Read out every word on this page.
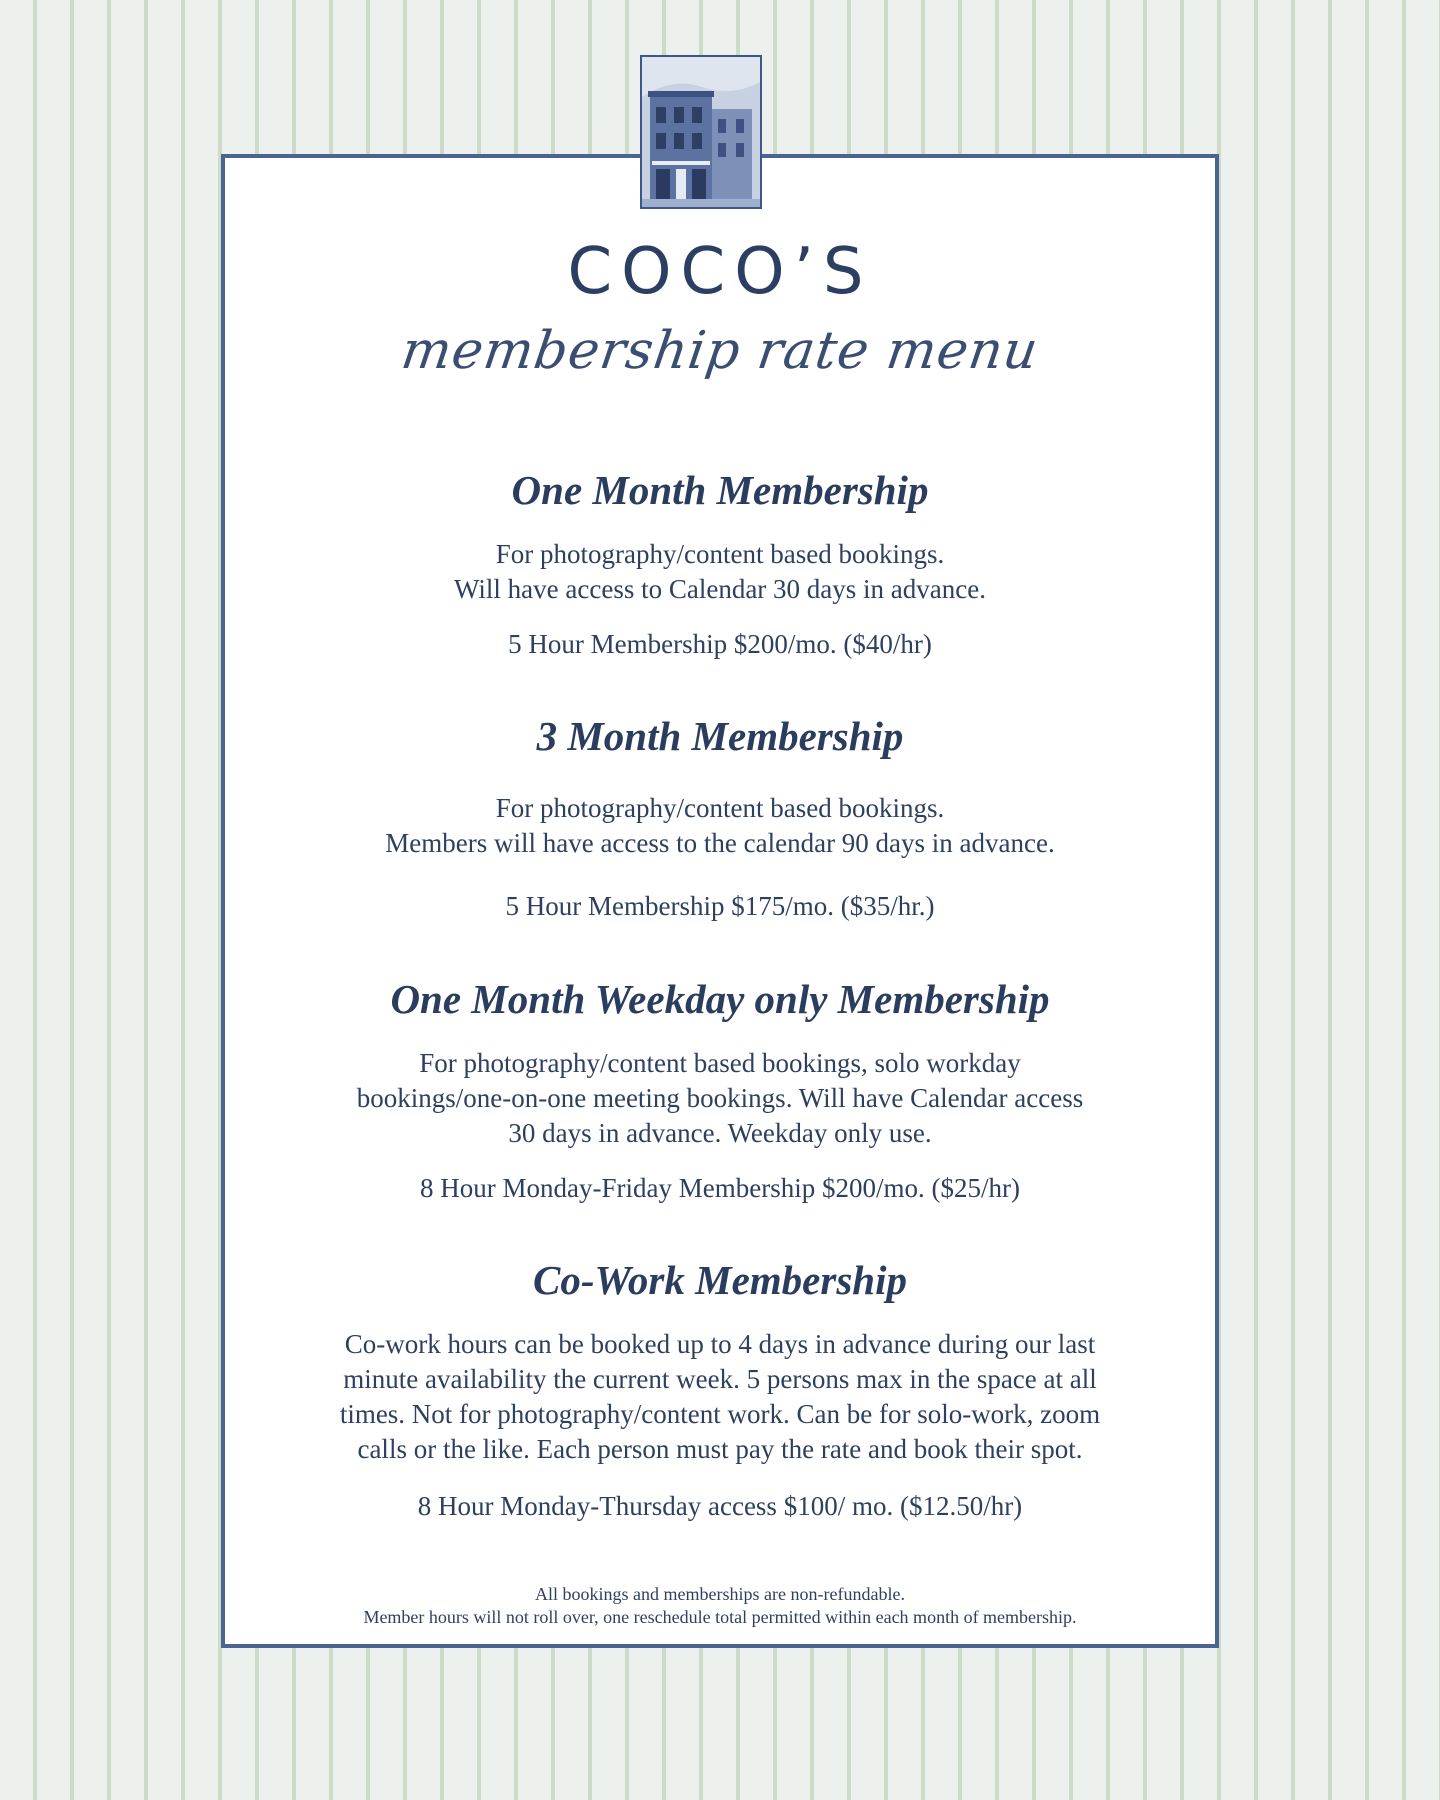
COCO’S
membership rate menu
One Month Membership
For photography/content based bookings.
Will have access to Calendar 30 days in advance.
5 Hour Membership $200/mo. ($40/hr)
3 Month Membership
For photography/content based bookings.
Members will have access to the calendar 90 days in advance.
5 Hour Membership $175/mo. ($35/hr.)
One Month Weekday only Membership
For photography/content based bookings, solo workday
bookings/one-on-one meeting bookings. Will have Calendar access
30 days in advance. Weekday only use.
8 Hour Monday-Friday Membership $200/mo. ($25/hr)
Co-Work Membership
Co-work hours can be booked up to 4 days in advance during our last
minute availability the current week. 5 persons max in the space at all
times. Not for photography/content work. Can be for solo-work, zoom
calls or the like. Each person must pay the rate and book their spot.
8 Hour Monday-Thursday access $100/ mo. ($12.50/hr)
All bookings and memberships are non-refundable.
Member hours will not roll over, one reschedule total permitted within each month of membership.
